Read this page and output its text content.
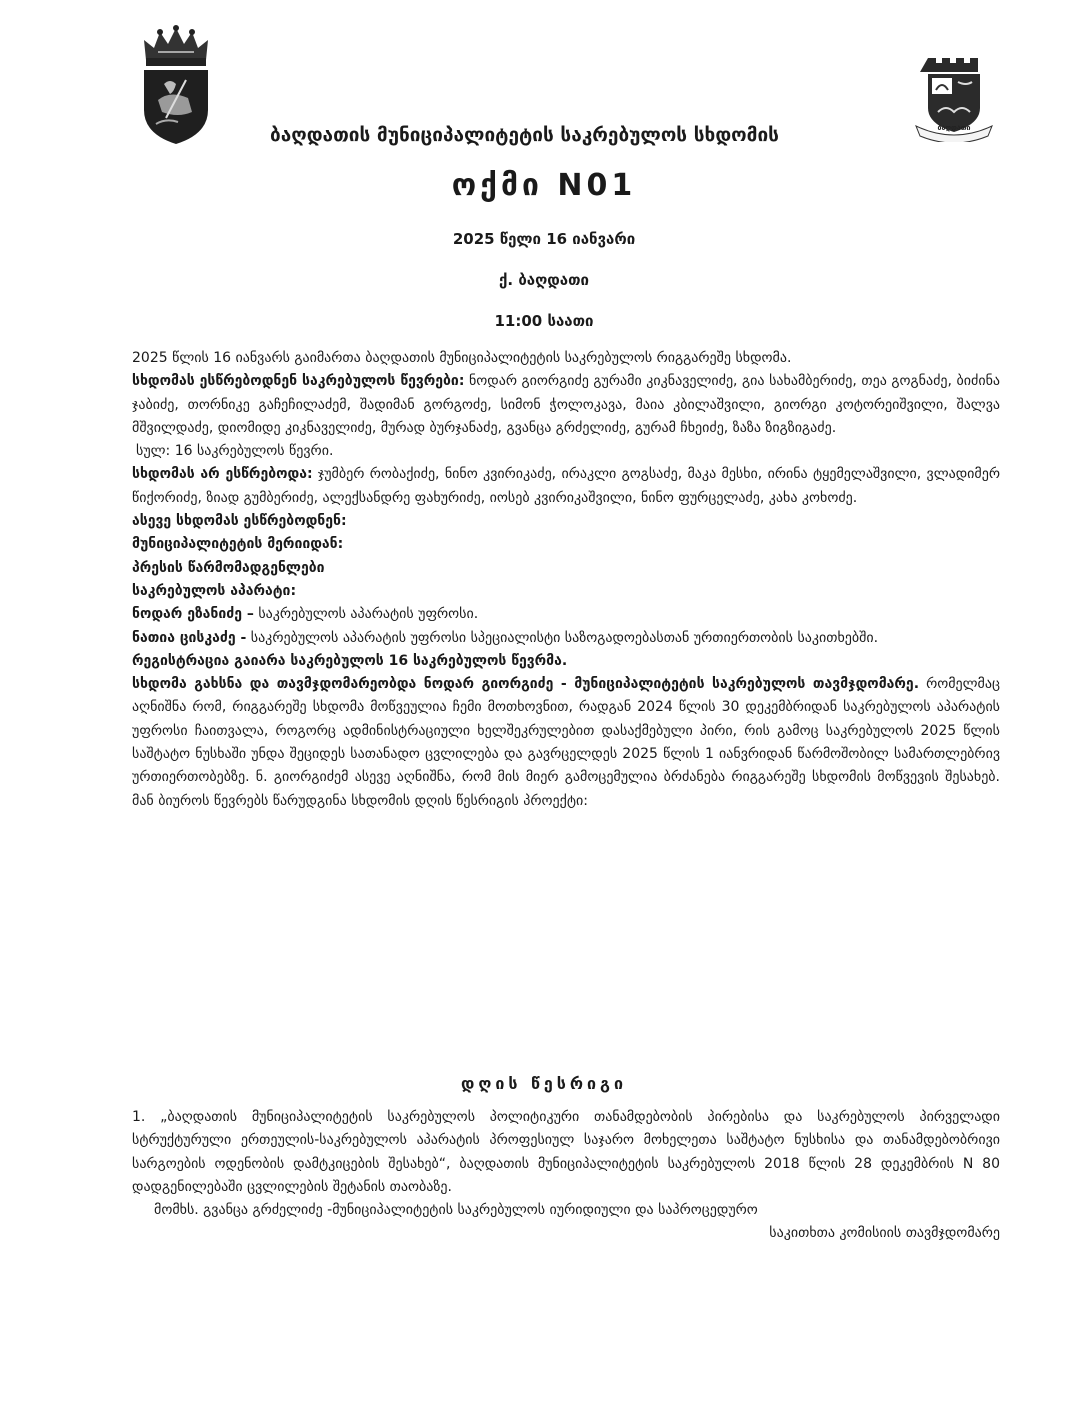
ბაღდათი
ბაღდათის მუნიციპალიტეტის საკრებულოს სხდომის
ოქმი N01
2025 წელი 16 იანვარი
ქ. ბაღდათი
11:00 საათი

2025 წლის 16 იანვარს გაიმართა ბაღდათის მუნიციპალიტეტის საკრებულოს რიგგარეშე სხდომა.

სხდომას ესწრებოდნენ საკრებულოს წევრები: ნოდარ გიორგიძე გურამი კიკნაველიძე, გია სახამბერიძე, თეა გოგნაძე, ბიძინა ჯაბიძე, თორნიკე გაჩეჩილაძემ, შადიმან გორგოძე, სიმონ ჭოლოკავა, მაია კბილაშვილი, გიორგი კოტორეიშვილი, შალვა მშვილდაძე, დიომიდე კიკნაველიძე, მურად ბურჯანაძე, გვანცა გრძელიძე, გურამ ჩხეიძე, ზაზა ზიგზიგაძე.

სულ: 16 საკრებულოს წევრი.

სხდომას არ ესწრებოდა: ჯუმბერ რობაქიძე, ნინო კვირიკაძე, ირაკლი გოგსაძე, მაკა მესხი, ირინა ტყემელაშვილი, ვლადიმერ წიქორიძე, ზიად გუმბერიძე, ალექსანდრე ფახურიძე, იოსებ კვირიკაშვილი, ნინო ფურცელაძე, კახა კოხოძე.

ასევე სხდომას ესწრებოდნენ:

მუნიციპალიტეტის მერიიდან:

პრესის წარმომადგენლები

საკრებულოს აპარატი:

ნოდარ ეზანიძე – საკრებულოს აპარატის უფროსი.

ნათია ცისკაძე - საკრებულოს აპარატის უფროსი სპეციალისტი საზოგადოებასთან ურთიერთობის საკითხებში.

რეგისტრაცია გაიარა საკრებულოს 16 საკრებულოს წევრმა.

სხდომა გახსნა და თავმჯდომარეობდა ნოდარ გიორგიძე - მუნიციპალიტეტის საკრებულოს თავმჯდომარე. რომელმაც აღნიშნა რომ, რიგგარეშე სხდომა მოწვეულია ჩემი მოთხოვნით, რადგან 2024 წლის 30 დეკემბრიდან საკრებულოს აპარატის უფროსი ჩაითვალა, როგორც ადმინისტრაციული ხელშეკრულებით დასაქმებული პირი, რის გამოც საკრებულოს 2025 წლის საშტატო ნუსხაში უნდა შეციდეს სათანადო ცვლილება და გავრცელდეს 2025 წლის 1 იანვრიდან წარმოშობილ სამართლებრივ ურთიერთობებზე. ნ. გიორგიძემ ასევე აღნიშნა, რომ მის მიერ გამოცემულია ბრძანება რიგგარეშე სხდომის მოწვევის შესახებ. მან ბიუროს წევრებს წარუდგინა სხდომის დღის წესრიგის პროექტი:

დღის წესრიგი

1. „ბაღდათის მუნიციპალიტეტის საკრებულოს პოლიტიკური თანამდებობის პირებისა და საკრებულოს პირველადი სტრუქტურული ერთეულის-საკრებულოს აპარატის პროფესიულ საჯარო მოხელეთა საშტატო ნუსხისა და თანამდებობრივი სარგოების ოდენობის დამტკიცების შესახებ“, ბაღდათის მუნიციპალიტეტის საკრებულოს 2018 წლის 28 დეკემბრის N 80 დადგენილებაში ცვლილების შეტანის თაობაზე.

მომხს. გვანცა გრძელიძე -მუნიციპალიტეტის საკრებულოს იურიდიული და საპროცედურო

საკითხთა კომისიის თავმჯდომარე
